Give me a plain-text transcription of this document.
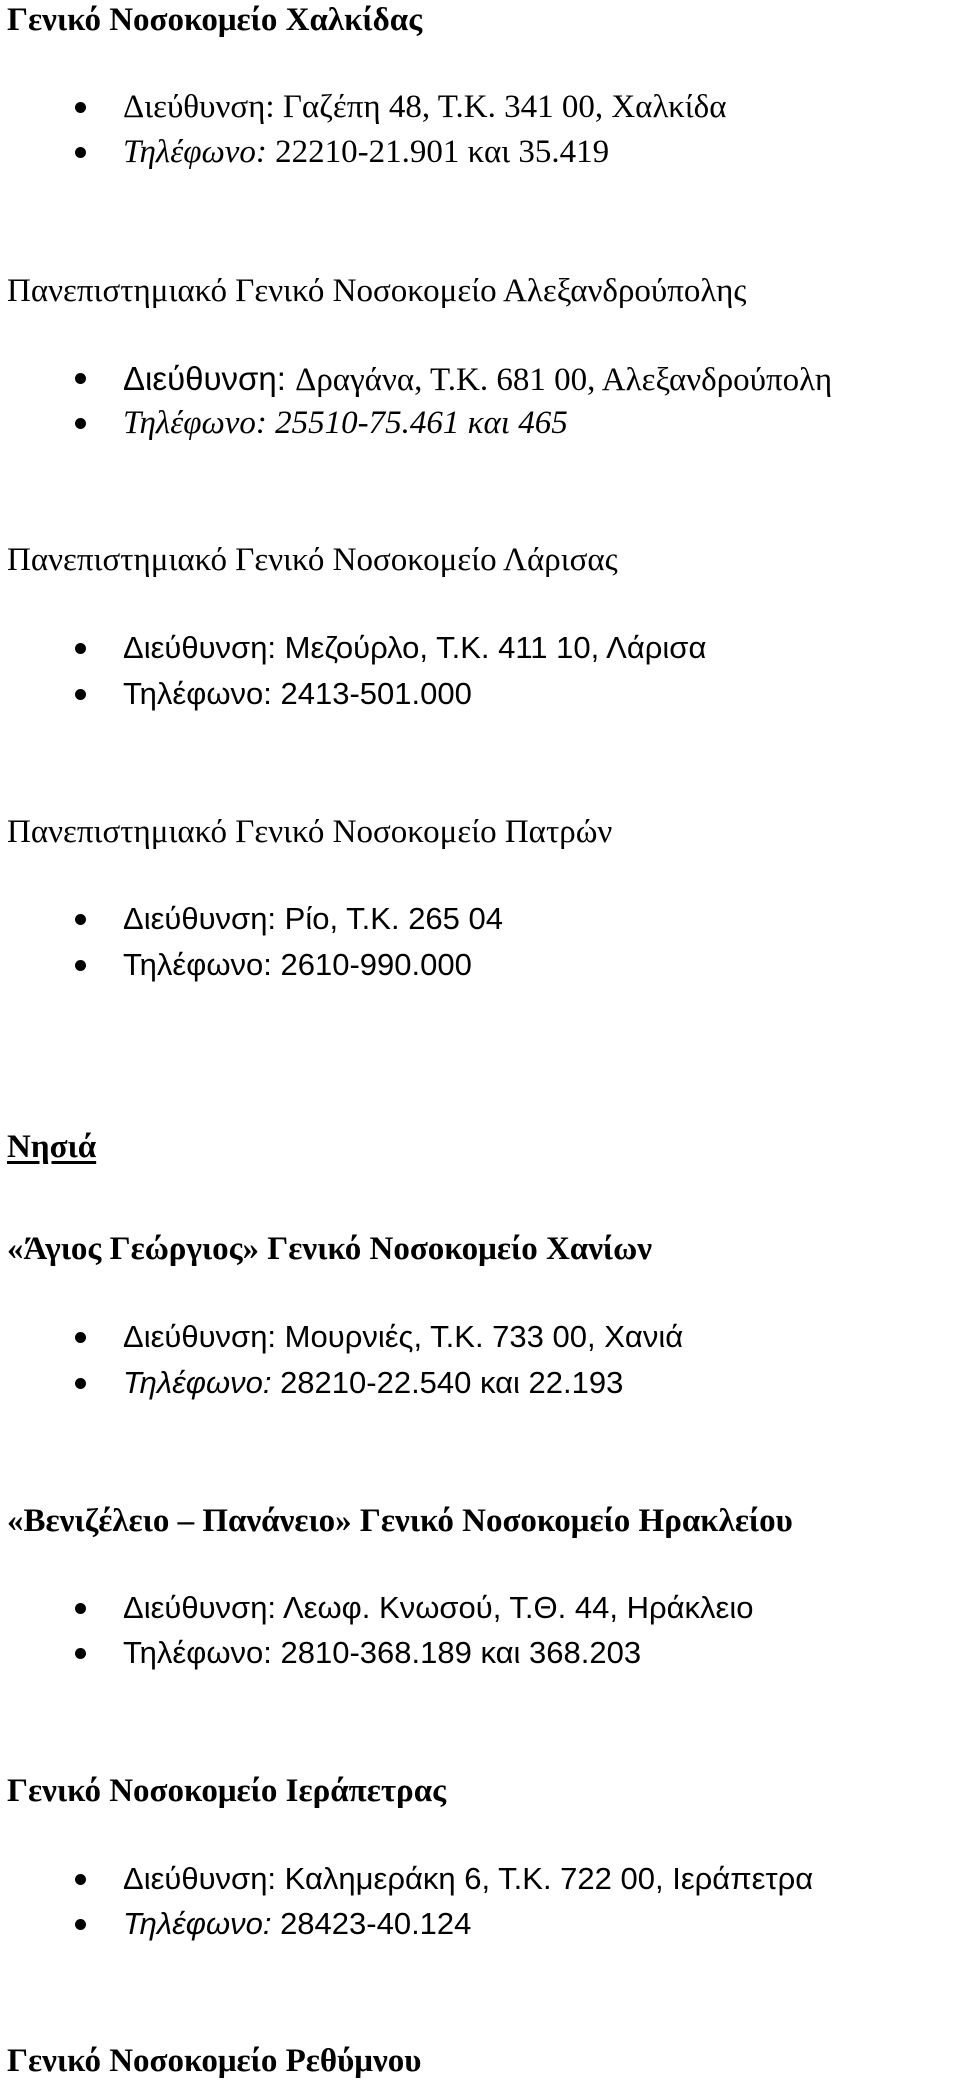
Γενικό Νοσοκομείο Χαλκίδας
Διεύθυνση: Γαζέπη 48, Τ.Κ. 341 00, Χαλκίδα
Τηλέφωνο: 22210-21.901 και 35.419
Πανεπιστημιακό Γενικό Νοσοκομείο Αλεξανδρούπολης
Διεύθυνση: Δραγάνα, Τ.Κ. 681 00, Αλεξανδρούπολη
Τηλέφωνο: 25510-75.461 και 465
Πανεπιστημιακό Γενικό Νοσοκομείο Λάρισας
Διεύθυνση: Μεζούρλο, Τ.Κ. 411 10, Λάρισα
Τηλέφωνο: 2413-501.000
Πανεπιστημιακό Γενικό Νοσοκομείο Πατρών
Διεύθυνση: Ρίο, Τ.Κ. 265 04
Τηλέφωνο: 2610-990.000
Νησιά
«Άγιος Γεώργιος» Γενικό Νοσοκομείο Χανίων
Διεύθυνση: Μουρνιές, Τ.Κ. 733 00, Χανιά
Τηλέφωνο: 28210-22.540 και 22.193
«Βενιζέλειο – Πανάνειο» Γενικό Νοσοκομείο Ηρακλείου
Διεύθυνση: Λεωφ. Κνωσού, Τ.Θ. 44, Ηράκλειο
Τηλέφωνο: 2810-368.189 και 368.203
Γενικό Νοσοκομείο Ιεράπετρας
Διεύθυνση: Καλημεράκη 6, Τ.Κ. 722 00, Ιεράπετρα
Τηλέφωνο: 28423-40.124
Γενικό Νοσοκομείο Ρεθύμνου
